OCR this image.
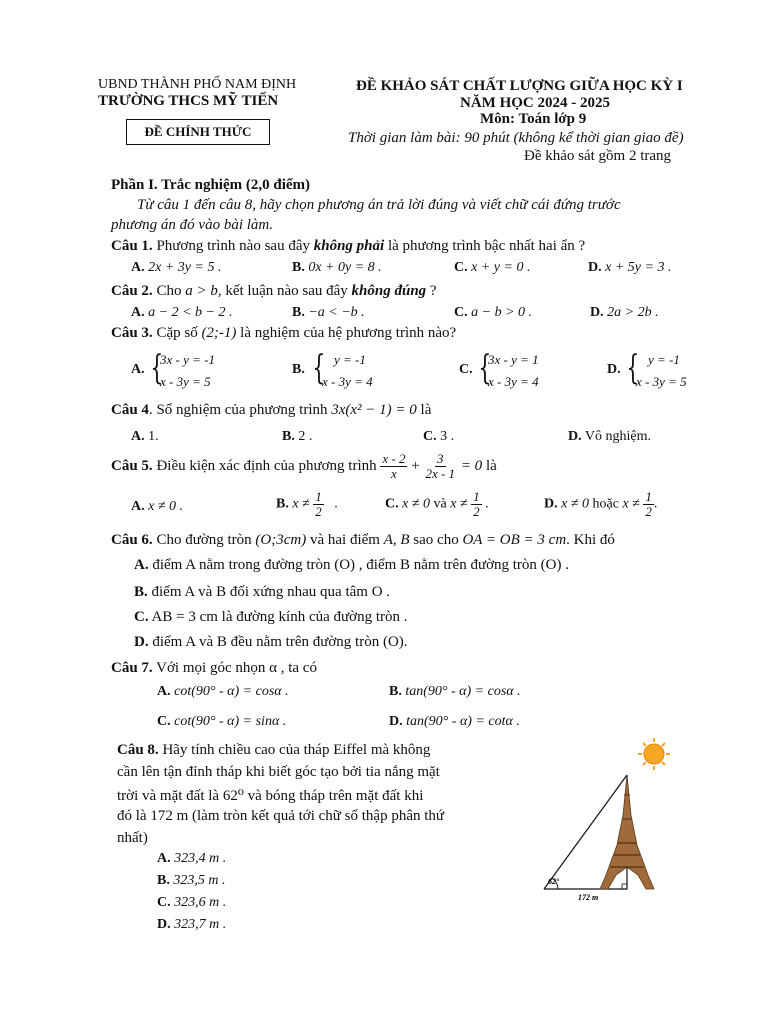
UBND THÀNH PHỐ NAM ĐỊNH
TRƯỜNG THCS MỸ TIẾN
ĐỀ CHÍNH THỨC
ĐỀ KHẢO SÁT CHẤT LƯỢNG GIỮA HỌC KỲ I
NĂM HỌC 2024 - 2025
Môn: Toán lớp 9
Thời gian làm bài: 90 phút (không kể thời gian giao đề)
Đề khảo sát gồm 2 trang
Phần I. Trắc nghiệm (2,0 điểm)
Từ câu 1 đến câu 8, hãy chọn phương án trả lời đúng và viết chữ cái đứng trước
phương án đó vào bài làm.
Câu 1. Phương trình nào sau đây không phải là phương trình bậc nhất hai ẩn ?
A. 2x + 3y = 5 .	B. 0x + 0y = 8 .	C. x + y = 0 .	D. x + 5y = 3 .
Câu 2. Cho a > b, kết luận nào sau đây không đúng ?
A. a − 2 < b − 2 .	B. −a < −b .	C. a − b > 0 .	D. 2a > 2b .
Câu 3. Cặp số (2;-1) là nghiệm của hệ phương trình nào?
A. {
3x - y = -1
x - 3y = 5
B. { y = -1
x - 3y = 4
C. {
3x - y = 1
x - 3y = 4
D. { y = -1
x - 3y = 5
Câu 4. Số nghiệm của phương trình 3x(x² − 1) = 0 là
A. 1.	B. 2 .	C. 3 .	D. Vô nghiệm.
Câu 5. Điều kiện xác định của phương trình $\frac{x - 2}{x} + \frac{3}{2x - 1} = 0$ là
A. x ≠ 0 .	B. $x \ne \frac{1}{2}$ .	C. x ≠ 0 và $x \ne \frac{1}{2}$ .	D. x ≠ 0 hoặc $x \ne \frac{1}{2}$ .
Câu 6. Cho đường tròn (O;3cm) và hai điểm A, B sao cho OA = OB = 3 cm. Khi đó
A. điểm A nằm trong đường tròn (O) , điểm B nằm trên đường tròn (O) .
B. điểm A và B đối xứng nhau qua tâm O .
C. AB = 3 cm là đường kính của đường tròn .
D. điểm A và B đều nằm trên đường tròn (O).
Câu 7. Với mọi góc nhọn α , ta có
A. cot(90° - α) = cosα .	B. tan(90° - α) = cosα .
C. cot(90° - α) = sinα .	D. tan(90° - α) = cotα .
Câu 8. Hãy tính chiều cao của tháp Eiffel mà không
cần lên tận đỉnh tháp khi biết góc tạo bởi tia nắng mặt
trời và mặt đất là 62⁰ và bóng tháp trên mặt đất khi
đó là 172 m (làm tròn kết quả tới chữ số thập phân thứ
nhất)
A. 323,4 m .
B. 323,5 m .
C. 323,6 m .
D. 323,7 m .
62°
172 m
